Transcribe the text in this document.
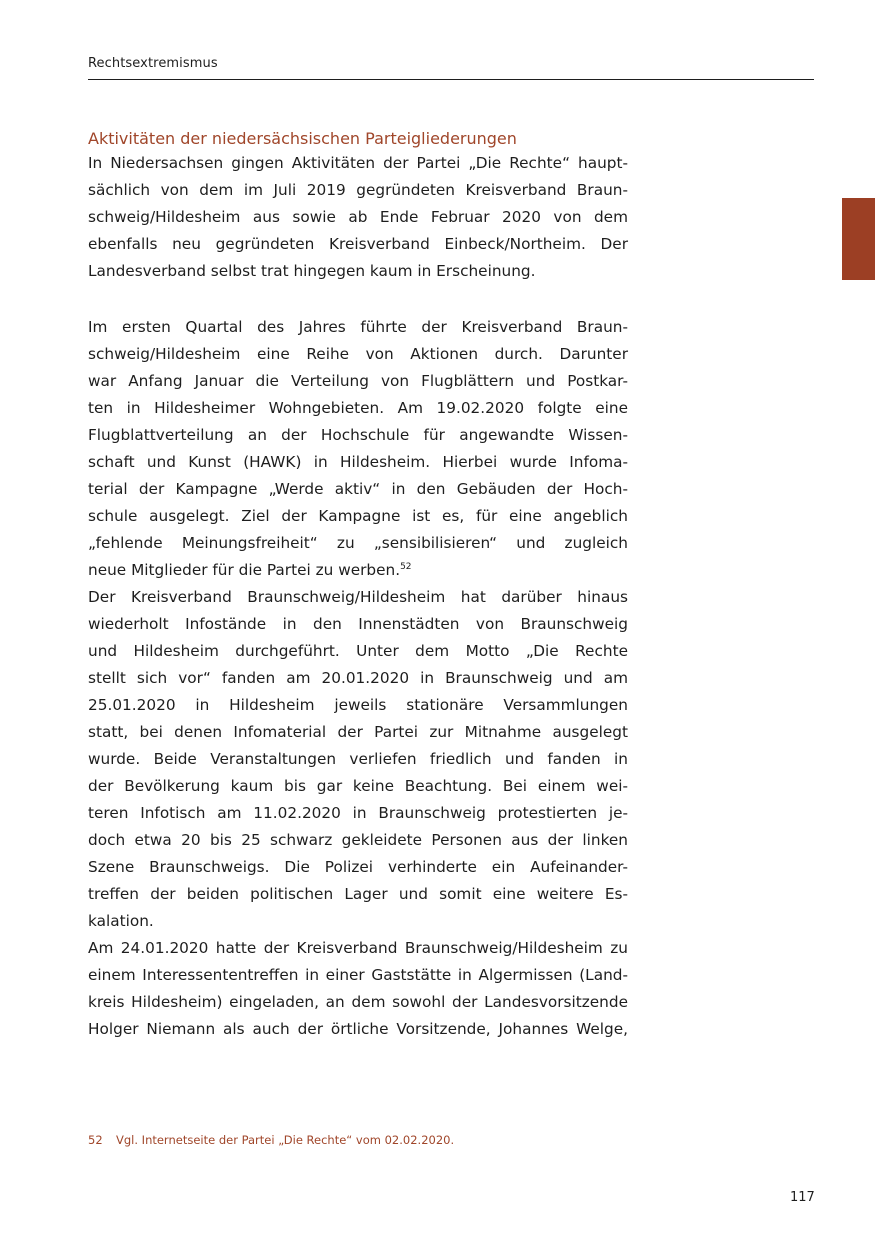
Rechtsextremismus
Aktivitäten der niedersächsischen Parteigliederungen
In Niedersachsen gingen Aktivitäten der Partei „Die Rechte“ haupt-
sächlich von dem im Juli 2019 gegründeten Kreisverband Braun-
schweig/Hildesheim aus sowie ab Ende Februar 2020 von dem
ebenfalls neu gegründeten Kreisverband Einbeck/Northeim. Der
Landesverband selbst trat hingegen kaum in Erscheinung.
Im ersten Quartal des Jahres führte der Kreisverband Braun-
schweig/Hildesheim eine Reihe von Aktionen durch. Darunter
war Anfang Januar die Verteilung von Flugblättern und Postkar-
ten in Hildesheimer Wohngebieten. Am 19.02.2020 folgte eine
Flugblattverteilung an der Hochschule für angewandte Wissen-
schaft und Kunst (HAWK) in Hildesheim. Hierbei wurde Infoma-
terial der Kampagne „Werde aktiv“ in den Gebäuden der Hoch-
schule ausgelegt. Ziel der Kampagne ist es, für eine angeblich
„fehlende Meinungsfreiheit“ zu „sensibilisieren“ und zugleich
neue Mitglieder für die Partei zu werben.$^{52}$
Der Kreisverband Braunschweig/Hildesheim hat darüber hinaus
wiederholt Infostände in den Innenstädten von Braunschweig
und Hildesheim durchgeführt. Unter dem Motto „Die Rechte
stellt sich vor“ fanden am 20.01.2020 in Braunschweig und am
25.01.2020 in Hildesheim jeweils stationäre Versammlungen
statt, bei denen Infomaterial der Partei zur Mitnahme ausgelegt
wurde. Beide Veranstaltungen verliefen friedlich und fanden in
der Bevölkerung kaum bis gar keine Beachtung. Bei einem wei-
teren Infotisch am 11.02.2020 in Braunschweig protestierten je-
doch etwa 20 bis 25 schwarz gekleidete Personen aus der linken
Szene Braunschweigs. Die Polizei verhinderte ein Aufeinander-
treffen der beiden politischen Lager und somit eine weitere Es-
kalation.
Am 24.01.2020 hatte der Kreisverband Braunschweig/Hildesheim zu
einem Interessententreffen in einer Gaststätte in Algermissen (Land-
kreis Hildesheim) eingeladen, an dem sowohl der Landesvorsitzende
Holger Niemann als auch der örtliche Vorsitzende, Johannes Welge,
52 Vgl. Internetseite der Partei „Die Rechte“ vom 02.02.2020.
117
